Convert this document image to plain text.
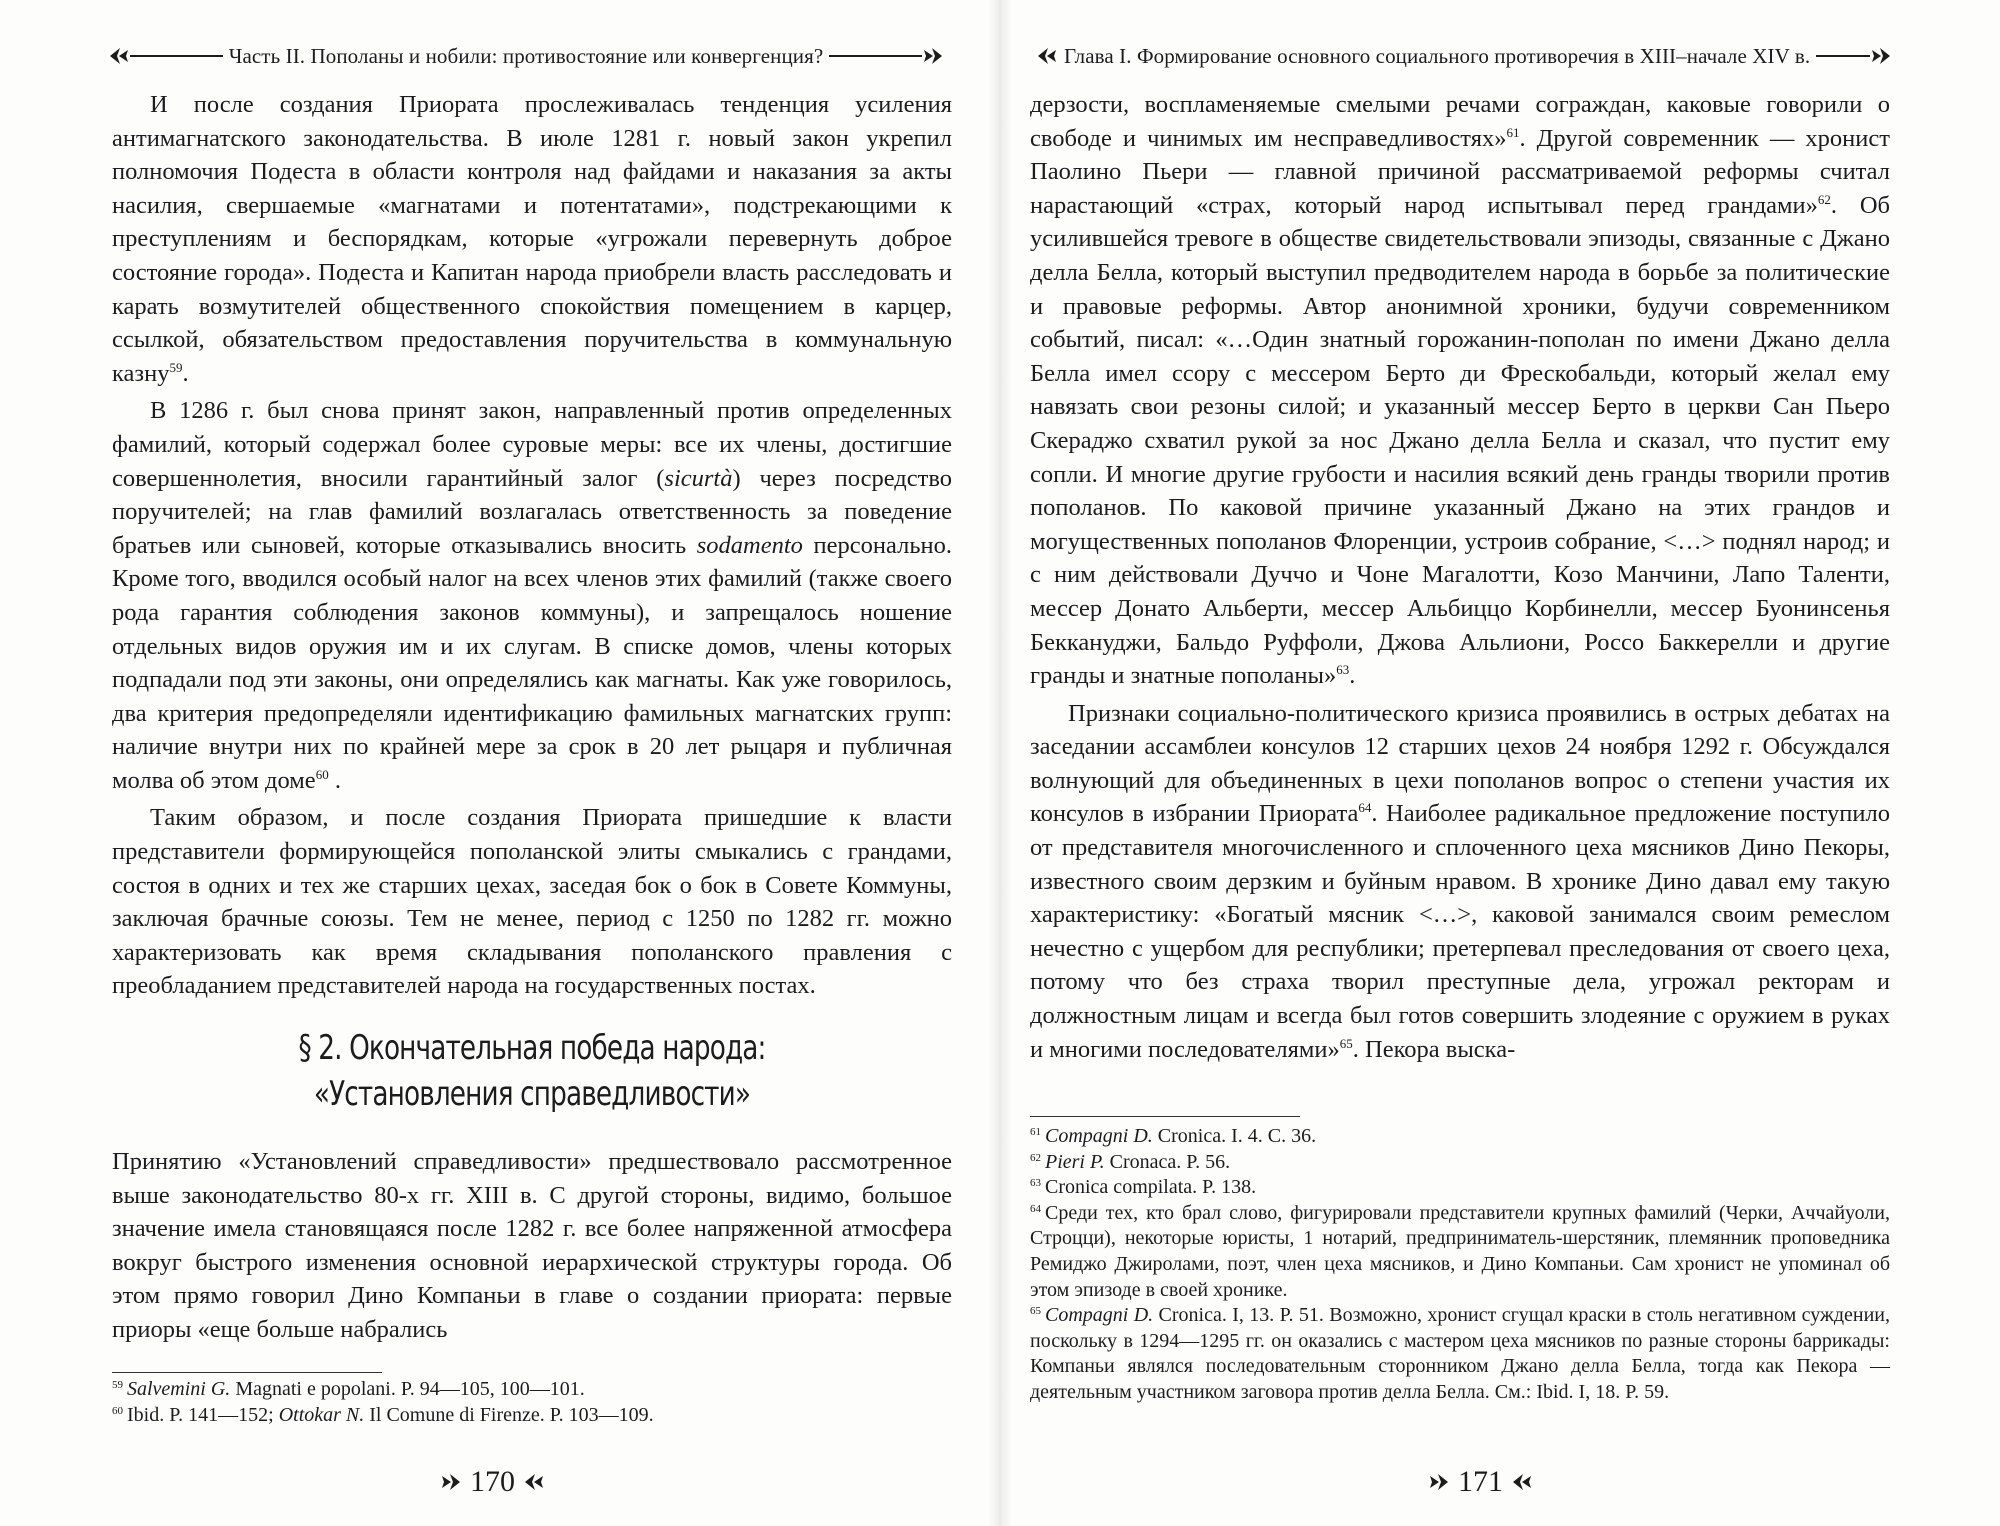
Часть II. Пополаны и нобили: противостояние или конвергенция?

И после создания Приората прослеживалась тенденция усиления антимагнатского законодательства. В июле 1281 г. новый закон укрепил полномочия Подеста в области контроля над файдами и наказания за акты насилия, свершаемые «магнатами и потентатами», подстрекающими к преступлениям и беспорядкам, которые «угрожали перевернуть доброе состояние города». Подеста и Капитан народа приобрели власть расследовать и карать возмутителей общественного спокойствия помещением в карцер, ссылкой, обязательством предоставления поручительства в коммунальную казну$^{59}$.

В 1286 г. был снова принят закон, направленный против определенных фамилий, который содержал более суровые меры: все их члены, достигшие совершеннолетия, вносили гарантийный залог (sicurtà) через посредство поручителей; на глав фамилий возлагалась ответственность за поведение братьев или сыновей, которые отказывались вносить sodamento персонально. Кроме того, вводился особый налог на всех членов этих фамилий (также своего рода гарантия соблюдения законов коммуны), и запрещалось ношение отдельных видов оружия им и их слугам. В списке домов, члены которых подпадали под эти законы, они определялись как магнаты. Как уже говорилось, два критерия предопределяли идентификацию фамильных магнатских групп: наличие внутри них по крайней мере за срок в 20 лет рыцаря и публичная молва об этом доме$^{60}$ .

Таким образом, и после создания Приората пришедшие к власти представители формирующейся пополанской элиты смыкались с грандами, состоя в одних и тех же старших цехах, заседая бок о бок в Совете Коммуны, заключая брачные союзы. Тем не менее, период с 1250 по 1282 гг. можно характеризовать как время складывания пополанского правления с преобладанием представителей народа на государственных постах.

§ 2. Окончательная победа народа:
«Установления справедливости»

Принятию «Установлений справедливости» предшествовало рассмотренное выше законодательство 80-х гг. XIII в. С другой стороны, видимо, большое значение имела становящаяся после 1282 г. все более напряженной атмосфера вокруг быстрого изменения основной иерархической структуры города. Об этом прямо говорил Дино Компаньи в главе о создании приората: первые приоры «еще больше набрались

$^{59}$ Salvemini G. Magnati e popolani. P. 94—105, 100—101.

$^{60}$ Ibid. P. 141—152; Ottokar N. Il Comune di Firenze. P. 103—109.

170
Глава I. Формирование основного социального противоречия в XIII–начале XIV в.

дерзости, воспламеняемые смелыми речами сограждан, каковые говорили о свободе и чинимых им несправедливостях»$^{61}$. Другой современник — хронист Паолино Пьери — главной причиной рассматриваемой реформы считал нарастающий «страх, который народ испытывал перед грандами»$^{62}$. Об усилившейся тревоге в обществе свидетельствовали эпизоды, связанные с Джано делла Белла, который выступил предводителем народа в борьбе за политические и правовые реформы. Автор анонимной хроники, будучи современником событий, писал: «…Один знатный горожанин-пополан по имени Джано делла Белла имел ссору с мессером Берто ди Фрескобальди, который желал ему навязать свои резоны силой; и указанный мессер Берто в церкви Сан Пьеро Скераджо схватил рукой за нос Джано делла Белла и сказал, что пустит ему сопли. И многие другие грубости и насилия всякий день гранды творили против пополанов. По каковой причине указанный Джано на этих грандов и могущественных пополанов Флоренции, устроив собрание, <…> поднял народ; и с ним действовали Дуччо и Чоне Магалотти, Козо Манчини, Лапо Таленти, мессер Донато Альберти, мессер Альбиццо Корбинелли, мессер Буонинсенья Беккануджи, Бальдо Руффоли, Джова Альлиони, Россо Баккерелли и другие гранды и знатные пополаны»$^{63}$.

Признаки социально-политического кризиса проявились в острых дебатах на заседании ассамблеи консулов 12 старших цехов 24 ноября 1292 г. Обсуждался волнующий для объединенных в цехи пополанов вопрос о степени участия их консулов в избрании Приората$^{64}$. Наиболее радикальное предложение поступило от представителя многочисленного и сплоченного цеха мясников Дино Пекоры, известного своим дерзким и буйным нравом. В хронике Дино давал ему такую характеристику: «Богатый мясник <…>, каковой занимался своим ремеслом нечестно с ущербом для республики; претерпевал преследования от своего цеха, потому что без страха творил преступные дела, угрожал ректорам и должностным лицам и всегда был готов совершить злодеяние с оружием в руках и многими последователями»$^{65}$. Пекора выска-

$^{61}$ Compagni D. Cronica. I. 4. С. 36.

$^{62}$ Pieri P. Cronaca. P. 56.

$^{63}$ Cronica compilata. P. 138.

$^{64}$ Среди тех, кто брал слово, фигурировали представители крупных фамилий (Черки, Аччайуоли, Строцци), некоторые юристы, 1 нотарий, предприниматель-шерстяник, племянник проповедника Ремиджо Джиролами, поэт, член цеха мясников, и Дино Компаньи. Сам хронист не упоминал об этом эпизоде в своей хронике.

$^{65}$ Compagni D. Cronica. I, 13. P. 51. Возможно, хронист сгущал краски в столь негативном суждении, поскольку в 1294—1295 гг. он оказались с мастером цеха мясников по разные стороны баррикады: Компаньи являлся последовательным сторонником Джано делла Белла, тогда как Пекора — деятельным участником заговора против делла Белла. См.: Ibid. I, 18. P. 59.

171
